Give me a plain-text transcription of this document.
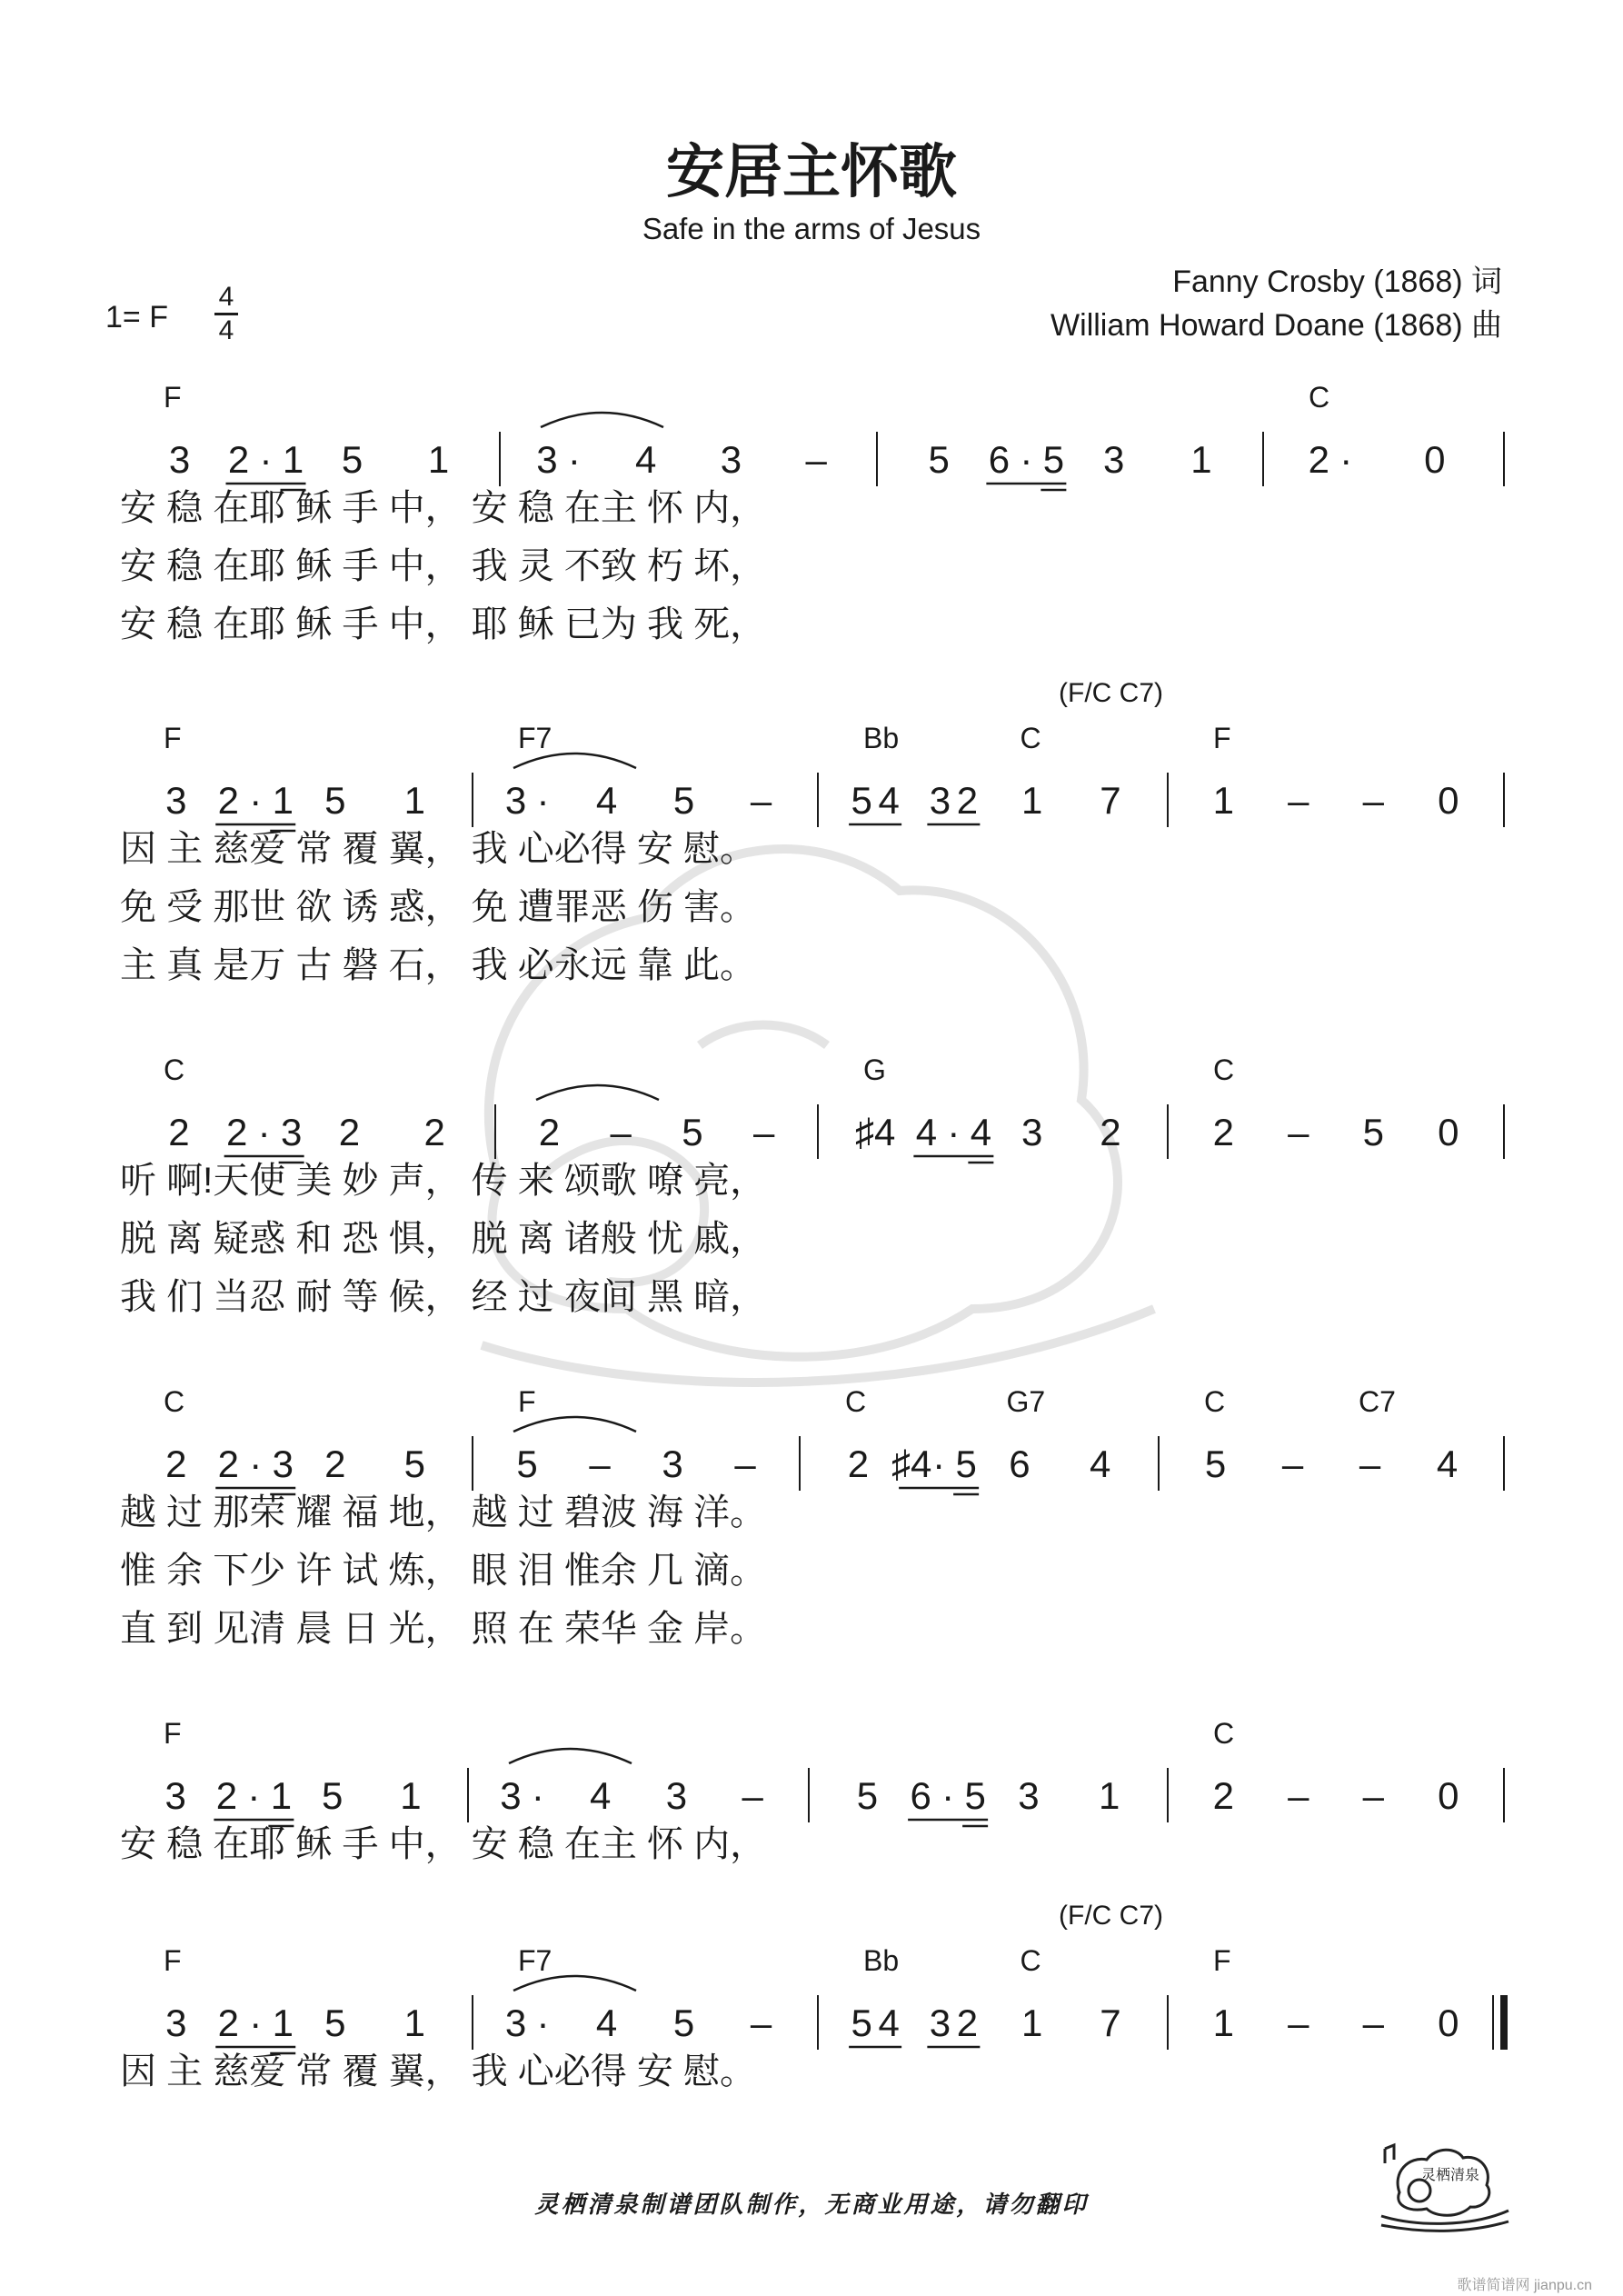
安居主怀歌
Safe in the arms of Jesus
Fanny Crosby (1868) 词
William Howard Doane (1868) 曲
1= F
4
4
F
3 2 · 1 5 1 3 · 4 3 –	5 6 · 5 3 1
C
2 · 0
安 稳 在耶 稣 手 中， 安 稳 在主 怀 内，
安 稳 在耶 稣 手 中， 我 灵 不致 朽 坏，
安 稳 在耶 稣 手 中， 耶 稣 已为 我 死，
(F/C C7)
F
3 2 · 1 5 1
F7
3 · 4 5 –
Bb	C
5 4 3 2 1 7
F
1 – – 0
因 主 慈爱 常 覆 翼， 我 心必得 安 慰。
免 受 那世 欲 诱 惑， 免 遭罪恶 伤 害。
主 真 是万 古 磐 石， 我 必永远 靠 此。
C
2 2 · 3 2 2 2 – 5 –
G
♯4 4 · 4 3 2
C
2 – 5 0
听 啊!天使 美 妙 声， 传 来 颂歌 嘹 亮，
脱 离 疑惑 和 恐 惧， 脱 离 诸般 忧 戚，
我 们 当忍 耐 等 候， 经 过 夜间 黑 暗，
C
2 2 · 3 2 5
F
5 – 3 –
C	G7
2 ♯4 · 5 6 4
C	C7
5 – – 4
越 过 那荣 耀 福 地， 越 过 碧波 海 洋。
惟 余 下少 许 试 炼， 眼 泪 惟余 几 滴。
直 到 见清 晨 日 光， 照 在 荣华 金 岸。
F
3 2 · 1 5 1 3 · 4 3 – 5 6 · 5 3 1
C
2 – – 0
安 稳 在耶 稣 手 中， 安 稳 在主 怀 内，
(F/C C7)
F
3 2 · 1 5 1
F7
3 · 4 5 –
Bb	C
5 4 3 2 1 7
F
1 – – 0
因 主 慈爱 常 覆 翼， 我 心必得 安 慰。
灵栖清泉制谱团队制作，无商业用途，请勿翻印
灵栖清泉
歌谱简谱网 jianpu.cn
